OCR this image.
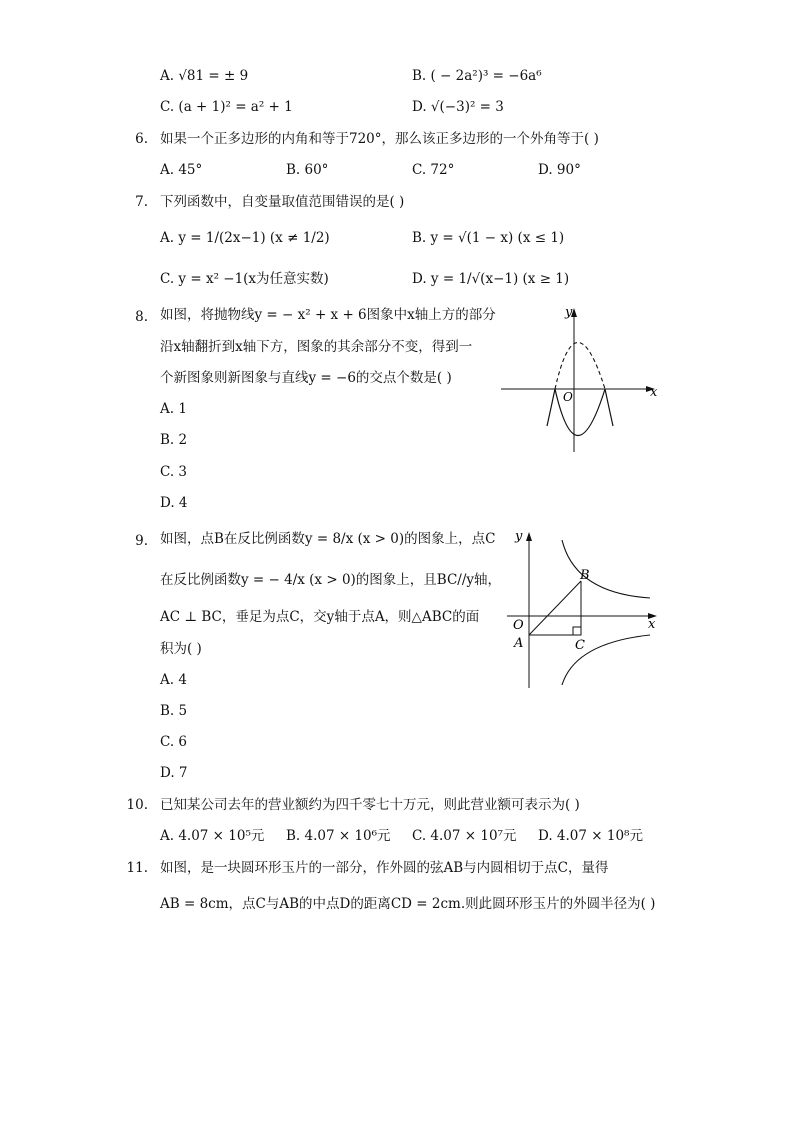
A. √81 = ± 9	B. ( − 2a²)³ = −6a⁶
C. (a + 1)² = a² + 1	D. √(−3)² = 3
6. 如果一个正多边形的内角和等于720°，那么该正多边形的一个外角等于( )
A. 45°	B. 60°	C. 72°	D. 90°
7. 下列函数中，自变量取值范围错误的是( )
A. y = 1/(2x−1) (x ≠ 1/2)	B. y = √(1 − x) (x ≤ 1)
C. y = x² −1(x为任意实数)	D. y = 1/√(x−1) (x ≥ 1)
8. 如图，将抛物线y = − x² + x + 6图象中x轴上方的部分
沿x轴翻折到x轴下方，图象的其余部分不变，得到一
个新图象则新图象与直线y = −6的交点个数是( )
A. 1
B. 2
C. 3
D. 4
y
x
O
9. 如图，点B在反比例函数y = 8/x (x > 0)的图象上，点C
在反比例函数y = − 4/x (x > 0)的图象上，且BC//y轴，
AC ⊥ BC，垂足为点C，交y轴于点A，则△ABC的面
积为( )
A. 4
B. 5
C. 6
D. 7
y
x
O
B
A	C
10. 已知某公司去年的营业额约为四千零七十万元，则此营业额可表示为( )
A. 4.07 × 10⁵元 B. 4.07 × 10⁶元 C. 4.07 × 10⁷元 D. 4.07 × 10⁸元
11. 如图，是一块圆环形玉片的一部分，作外圆的弦AB与内圆相切于点C，量得
AB = 8cm，点C与AB的中点D的距离CD = 2cm.则此圆环形玉片的外圆半径为( )
